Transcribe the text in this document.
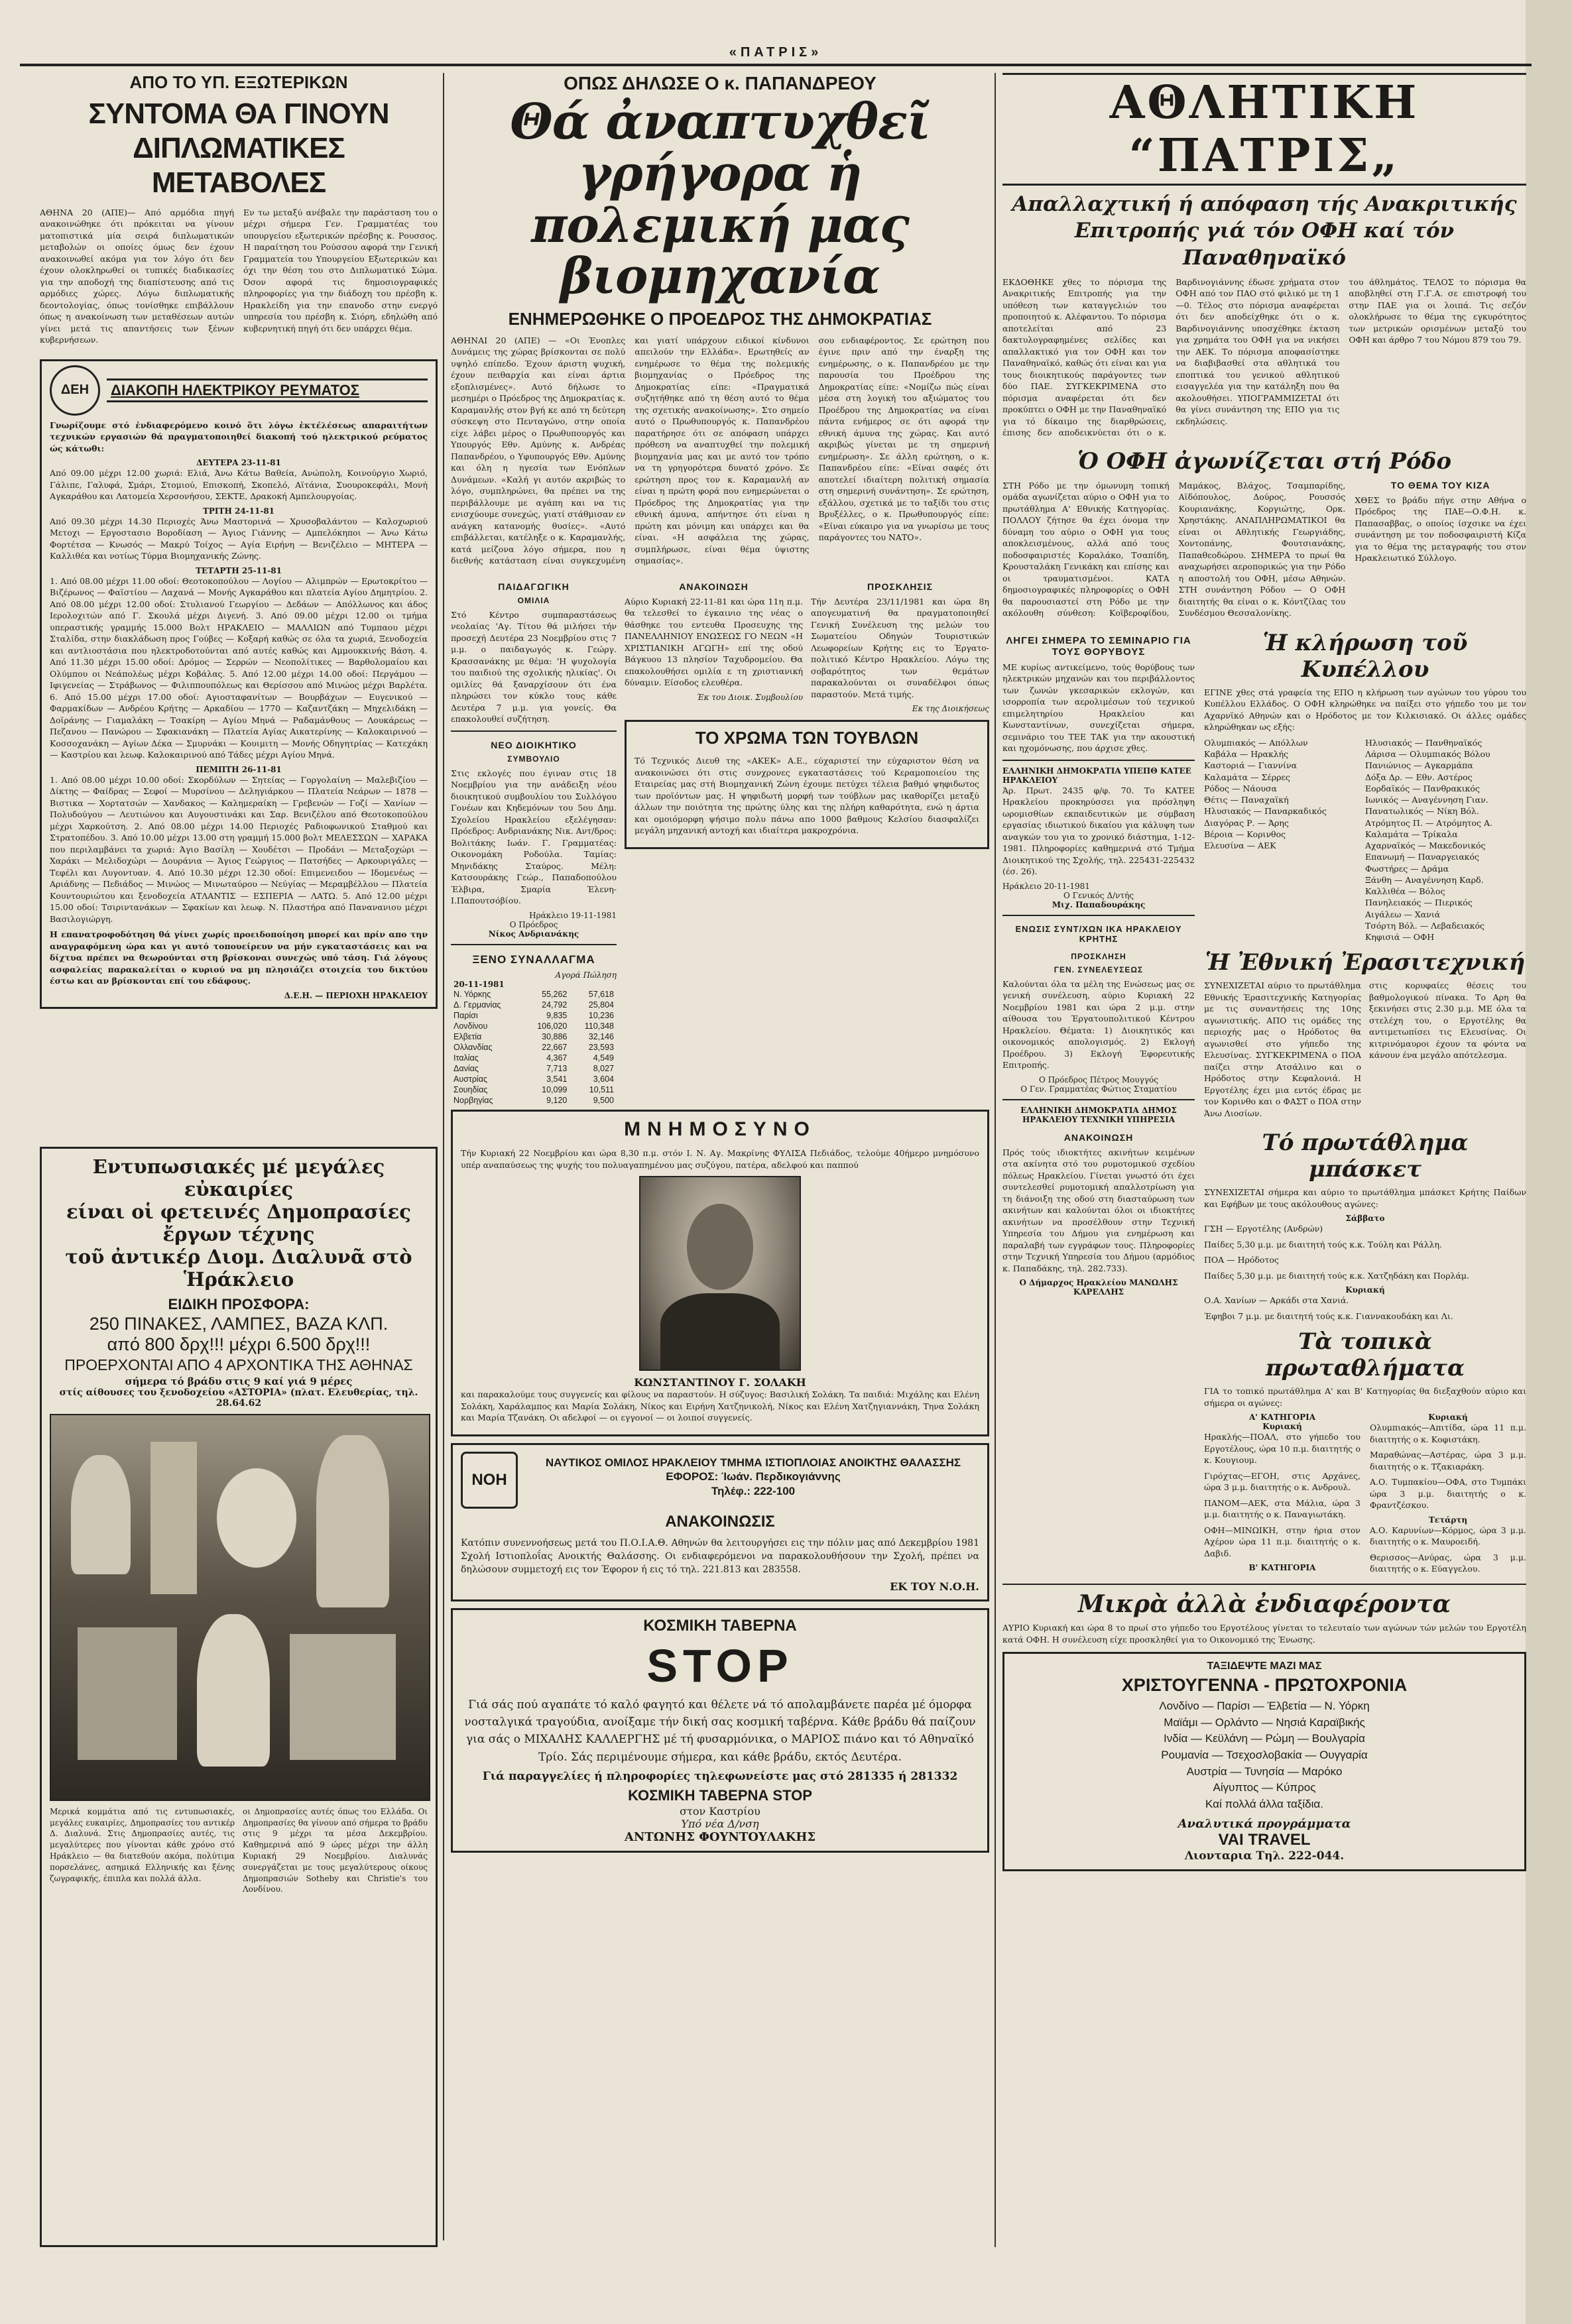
«ΠΑΤΡΙΣ»
ΑΠΟ ΤΟ ΥΠ. ΕΞΩΤΕΡΙΚΩΝ
ΣΥΝΤΟΜΑ ΘΑ ΓΙΝΟΥΝ ΔΙΠΛΩΜΑΤΙΚΕΣ ΜΕΤΑΒΟΛΕΣ
ΑΘΗΝΑ 20 (ΑΠΕ)— Από αρμόδια πηγή ανακοινώθηκε ότι πρόκειται να γίνουν ματοπιστικά μία σειρά διπλωματικών μεταβολών οι οποίες όμως δεν έχουν ανακοινωθεί ακόμα για τον λόγο ότι δεν έχουν ολοκληρωθεί οι τυπικές διαδικασίες για την αποδοχή της διαπίστευσης από τις αρμόδιες χώρες. Λόγω διπλωματικής δεοντολογίας, όπως τονίσθηκε επιβάλλουν όπως η ανακοίνωση των μεταθέσεων αυτών γίνει μετά τις απαντήσεις των ξένων κυβερνήσεων.
Εν τω μεταξύ ανέβαλε την παράσταση του ο μέχρι σήμερα Γεν. Γραμματέας του υπουργείου εξωτερικών πρέσβης κ. Ρουσσος. Η παραίτηση του Ρούσσου αφορά την Γενική Γραμματεία του Υπουργείου Εξωτερικών και όχι την θέση του στο Διπλωματικό Σώμα. Όσον αφορά τις δημοσιογραφικές πληροφορίες για την διάδοχη του πρέσβη κ. Ηρακλείδη για την επανοδο στην ενεργό υπηρεσία του πρέσβη κ. Σιόρη, εδηλώθη από κυβερνητική πηγή ότι δεν υπάρχει θέμα.
ΔΕΗ	ΔΙΑΚΟΠΗ ΗΛΕΚΤΡΙΚΟΥ ΡΕΥΜΑΤΟΣ
Γνωρίζουμε στό ἐνδιαφερόμενο κοινό ὅτι λόγω ἐκτέλέσεως απαραιτήτων τεχνικών εργασιών θά πραγματοποιηθεί διακοπή τού ηλεκτρικού ρεύματος ώς κάτωθι:
ΔΕΥΤΕΡΑ 23-11-81
Από 09.00 μέχρι 12.00 χωριά: Ελιά, Άνω Κάτω Βαθεία, Ανώπολη, Κοινούργιο Χωριό, Γάλιπε, Γαλυφά, Σμάρι, Στομιού, Επισκοπή, Σκοπελό, Αϊτάνια, Συουροκεφάλι, Μονή Αγκαράθου και Λατομεία Χερσονήσου, ΣΕΚΤΕ, Δρακοκή Αμπελουργοίας.
ΤΡΙΤΗ 24-11-81
Από 09.30 μέχρι 14.30 Περιοχές Άνω Μαστορινά — Χρυσοβαλάντου — Καλοχωριού Μετοχι — Εργοστασιο Βοροδίαση — Άγιος Γιάννης — Αμπελόκηποι — Άνω Κάτω Φορτέτσα — Κνωσός — Μακρύ Τοίχος — Αγία Ειρήνη — Βενιζέλειο — ΜΗΤΕΡΑ — Καλλιθέα και νοτίως Τύρμα Βιομηχανικής Ζώνης.
ΤΕΤΑΡΤΗ 25-11-81
1. Από 08.00 μέχρι 11.00 οδοί: Θεοτοκοπούλου — Λογίου — Αλιμπρών — Ερωτοκρίτου — Βιζέρωνος — Φαϊστίου — Λαχανά — Μονής Αγκαράθου και πλατεία Αγίου Δημητρίου. 2. Από 08.00 μέχρι 12.00 οδοί: Στυλιανού Γεωργίου — Δεδάων — Απόλλωνος και άδος Ιερολοχιτών από Γ. Σκουλά μέχρι Διγενή. 3. Από 09.00 μέχρι 12.00 οι τμήμα υπεραστικής γραμμής 15.000 Βολτ ΗΡΑΚΛΕΙΟ — ΜΑΛΛΙΩΝ από Τυμπαου μέχρι Σταλίδα, στην διακλάδωση προς Γούβες — Κοξαρή καθώς σε όλα τα χωριά, Ξενοδοχεία και αντλιοστάσια που ηλεκτροδοτούνται από αυτές καθώς και Αμμουκκινής Βάση. 4. Από 11.30 μέχρι 15.00 οδοί: Δρόμος — Σερρών — Νεοπολίτικες — Βαρθολομαίου και Ολύμπου οι Νεάπολέως μέχρι Κοβάλας. 5. Από 12.00 μέχρι 14.00 οδοί: Περγάμου — Ιφιγενείας — Στράβωνος — Φιλιππουπόλεως και Θερίσσου από Μινώος μέχρι Βαρλέτα. 6. Από 15.00 μέχρι 17.00 οδοί: Αγιοσταφανίτων — Βουρβάχων — Ευγενικού — Φαρμακίδων — Ανδρέου Κρήτης — Αρκαδίου — 1770 — Καζαντζάκη — Μηχελιδάκη — Δοϊράνης — Γιαμαλάκη — Τσακίρη — Αγίου Μηνά — Ραδαμάνθους — Λουκάρεως — Πεζανου — Πανώρου — Σφακιανάκη — Πλατεία Αγίας Αικατερίνης — Καλοκαιρινού — Κοσσοχανάκη — Αγίων Δέκα — Σμυρνάκι — Κουιμιτη — Μονής Οδηγητρίας — Κατεχάκη — Καστρίου και λεωφ. Καλοκαιρινού από Τάδες μέχρι Αγίου Μηνά.
ΠΕΜΠΤΗ 26-11-81
1. Από 08.00 μέχρι 10.00 οδοί: Σκορδύλων — Σητείας — Γοργολαίνη — Μαλεβιζίου — Δίκτης — Φαίδρας — Σεφοί — Μυρσίνου — Δεληγιάρκου — Πλατεία Νεάρων — 1878 — Βιστικα — Χορτατσών — Χανδακος — Καλημεραίκη — Γρεβενών — Γοζί — Χανίων — Πολυδούγου — Λευτιώνου και Αυγουστινάκι και Σαρ. Βενιζέλου από Θεοτοκοπούλου μέχρι Χαρκούτση. 2. Από 08.00 μέχρι 14.00 Περιοχές Ραδιοφωνικού Σταθμού και Στρατοπέδου. 3. Από 10.00 μέχρι 13.00 στη γραμμή 15.000 βολτ ΜΕΛΕΣΣΩΝ — ΧΑΡΑΚΑ που περιλαμβάνει τα χωριά: Άγιο Βασίλη — Χουδέτσι — Προδάνι — Μεταξοχώρι — Χαράκι — Μελιδοχώρι — Δουράνια — Άγιος Γεώργιος — Πατσήδες — Αρκουριγάλες — Τεφέλι και Λυγοντυαν. 4. Από 10.30 μέχρι 12.30 οδοί: Επιμενειδου — Ιδομενέως — Αριάδνης — Πεδιάδος — Μινώος — Μινωταύρου — Νεύγίας — Μεραμβέλλου — Πλατεία Κουντουριώτου και ξενοδοχεία ΑΤΛΑΝΤΙΣ — ΕΣΠΕΡΙΑ — ΛΑΤΩ. 5. Από 12.00 μέχρι 15.00 οδοί: Τσιριντανάκων — Σφακίων και λεωφ. Ν. Πλαστήρα από Πανανανιου μέχρι Βασιλογιώργη.
Η επανατροφοδότηση θά γίνει χωρίς προειδοποίηση μπορεί και πρίν απο την αναγραφόμενη ώρα και γι αυτό τοπουείρευν να μήν εγκαταστάσεις και να δίχτυα πρέπει να θεωρούνται στη βρίσκοναι συνεχώς υπό τάση. Γιά λόγους ασφαλείας παρακαλείται ο κυριού να μη πλησιάζει στοιχεία του δικτύου έστω και αν βρίσκονται επί του εδάφους.
Δ.Ε.Η. — ΠΕΡΙΟΧΗ ΗΡΑΚΛΕΙΟΥ
ΟΠΩΣ ΔΗΛΩΣΕ Ο κ. ΠΑΠΑΝΔΡΕΟΥ
Θά ἀναπτυχθεῖ γρήγορα ἡ πολεμική μας βιομηχανία
ΕΝΗΜΕΡΩΘΗΚΕ Ο ΠΡΟΕΔΡΟΣ ΤΗΣ ΔΗΜΟΚΡΑΤΙΑΣ
ΑΘΗΝΑΙ 20 (ΑΠΕ) — «Οι Ένοπλες Δυνάμεις της χώρας βρίσκονται σε πολύ υψηλό επίπεδο. Έχουν άριστη ψυχική, έχουν πειθαρχία και είναι άρτια εξοπλισμένες». Αυτό δήλωσε το μεσημέρι ο Πρόεδρος της Δημοκρατίας κ. Καραμανλής στον βγή κε από τη δεύτερη σύσκεψη στο Πενταγώνο, στην οποία είχε λάβει μέρος ο Πρωθυπουργός και Υπουργός Εθν. Αμύνης κ. Ανδρέας Παπανδρέου, ο Υφυπουργός Εθν. Αμύνης και όλη η ηγεσία των Ενόπλων Δυνάμεων. «Καλή γι αυτόν ακριβώς το λόγο, συμπληρώνει, θα πρέπει να της περιβάλλουμε με αγάπη και να τις ενισχύουμε συνεχώς, γιατί στάθμισαν εν ανάγκη κατανομής θυσίες». «Αυτό επιβάλλεται, κατέληξε ο κ. Καραμανλής, κατά μείζονα λόγο σήμερα, που η διεθνής κατάσταση είναι συγκεχυμένη και γιατί υπάρχουν ειδικοί κίνδυνοι απειλούν την Ελλάδα». Ερωτηθείς αν ενημέρωσε το θέμα της πολεμικής βιομηχανίας ο Πρόεδρος της Δημοκρατίας είπε: «Πραγματικά συζητήθηκε από τη θέση αυτό το θέμα της σχετικής ανακοίνωσης». Στο σημείο αυτό ο Πρωθυπουργός κ. Παπανδρέου παρατήρησε ότι σε απόφαση υπάρχει πρόθεση να αναπτυχθεί την πολεμική βιομηχανία μας και με αυτό τον τρόπο να τη γρηγορότερα δυνατό χρόνο. Σε ερώτηση προς τον κ. Καραμανλή αν είναι η πρώτη φορά που ενημερώνεται ο Πρόεδρος της Δημοκρατίας για την εθνική άμυνα, απήντησε ότι είναι η πρώτη και μόνιμη και υπάρχει και θα είναι. «Η ασφάλεια της χώρας, συμπλήρωσε, είναι θέμα ύψιστης σημασίας».
σου ενδιαφέροντος. Σε ερώτηση που έγινε πριν από την έναρξη της ενημέρωσης, ο κ. Παπανδρέου με την παρουσία του Προέδρου της Δημοκρατίας είπε: «Νομίζω πώς είναι μέσα στη λογική του αξιώματος του Προέδρου της Δημοκρατίας να είναι πάντα ενήμερος σε ότι αφορά την εθνική άμυνα της χώρας. Και αυτό ακριβώς γίνεται με τη σημερινή ενημέρωση». Σε άλλη ερώτηση, ο κ. Παπανδρέου είπε: «Είναι σαφές ότι αποτελεί ιδιαίτερη πολιτική σημασία στη σημερινή συνάντηση». Σε ερώτηση, εξάλλου, σχετικά με το ταξίδι του στις Βρυξέλλες, ο κ. Πρωθυπουργός είπε: «Είναι εύκαιρο για να γνωρίσω με τους παράγοντες του ΝΑΤΟ».
ΠΑΙΔΑΓΩΓΙΚΗ
ΟΜΙΛΙΑ
Στό Κέντρο συμπαραστάσεως νεολαίας 'Αγ. Τίτου θά μιλήσει τήν προσεχή Δευτέρα 23 Νοεμβρίου στις 7 μ.μ. ο παιδαγωγός κ. Γεώργ. Κρασσανάκης με θέμα: 'Η ψυχολογία του παιδιού της σχολικής ηλικίας'. Οι ομιλίες θά ξαναρχίσουν ότι ένα πληρώσει τον κύκλο τους κάθε Δευτέρα 7 μ.μ. για γονείς. Θα επακολουθεί συζήτηση.
ΝΕΟ ΔΙΟΙΚΗΤΙΚΟ
ΣΥΜΒΟΥΛΙΟ
Στις εκλογές που έγιναν στις 18 Νοεμβρίου για την ανάδειξη νέου διοικητικού συμβουλίου του Συλλόγου Γονέων και Κηδεμόνων του 5ου Δημ. Σχολείου Ηρακλείου εξελέγησαν: Πρόεδρος: Ανδριανάκης Νικ. Αντ/δρος: Βολιτάκης Ιωάν. Γ. Γραμματέας: Οικονομάκη Ροδούλα. Ταμίας: Μηνιδάκης Σταύρος. Μέλη: Κατσουράκης Γεώρ., Παπαδοπούλου Έλβιρα, Σμαρία Έλενη-Ι.Παπουτσόβίου.
Ηράκλειο 19-11-1981
Ο Πρόεδρος
Νίκος Ανδριανάκης
ΞΕΝΟ ΣΥΝΑΛΛΑΓΜΑ
Αγορά Πώληση
20-11-1981
Ν. Υόρκης	55,262	57,618
Δ. Γερμανίας	24,792	25,804
Παρίσι	9,835	10,236
Λονδίνου	106,020	110,348
Ελβετία	30,886	32,146
Ολλανδίας	22,667	23,593
Ιταλίας	4,367	4,549
Δανίας	7,713	8,027
Αυστρίας	3,541	3,604
Σουηδίας	10,099	10,511
Νορβηγίας	9,120	9,500
ΑΝΑΚΟΙΝΩΣΗ
Αύριο Κυριακή 22-11-81 και ώρα 11η π.μ. θα τελεσθεί το έγκαινιο της νέας ο θάσθηκε του εντευθα Προσευχης της ΠΑΝΕΛΛΗΝΙΟΥ ΕΝΩΣΕΩΣ ΓΟ ΝΕΩΝ «Η ΧΡΙΣΤΙΑΝΙΚΗ ΑΓΩΓΗ» επί της οδού Βάγκυου 13 πλησίον Ταχυδρομείου. Θα επακολουθήσει ομιλία ε τη χριστιανική δύναμιν. Είσοδος ελευθέρα.
Έκ του Διοικ. Συμβουλίου
ΠΡΟΣΚΛΗΣΙΣ
Τήν Δευτέρα 23/11/1981 και ώρα 8η απογευματινή θα πραγματοποιηθεί Γενική Συνέλευση της μελών του Σωματείου Οδηγών Τουριστικών Λεωφορείων Κρήτης εις το Έργατο-πολιτικό Κέντρο Ηρακλείου. Λόγω της σοβαρότητος των θεμάτων παρακαλούνται οι συναδέλφοι όπως παραστούν. Μετά τιμής.
Εκ της Διοικήσεως
ΤΟ ΧΡΩΜΑ ΤΩΝ ΤΟΥΒΛΩΝ
Τό Τεχνικός Διευθ της «ΑΚΕΚ» Α.Ε., εύχαριστεί την εύχαριστον θέση να ανακοινώσει ότι στις συνχρονες εγκαταστάσεις τού Κεραμοποιείου της Εταιρείας μας στή Βιομηχανική Ζώνη έχουμε πετύχει τέλεια βαθμό ψηφιδωτος των προϊόντων μας. Η ψηφιδωτή μορφή των τούβλων μας ικαθορίζει μεταξύ άλλων την ποιότητα της πρώτης ύλης και της πλήρη καθαρότητα, ενώ η άρτια και ομοιόμορφη ψήσιμο πολυ πάνω απο 1000 βαθμους Κελσίου διασφαλίζει μεγάλη μηχανική αντοχή και ιδιαίτερα μακροχρόνια.
ΜΝΗΜΟΣΥΝΟ
Τήν Κυριακή 22 Νοεμβρίου και ώρα 8,30 π.μ. στόν Ι. Ν. Αγ. Μακρίνης ΦΥΛΙΣΑ Πεδιάδος, τελούμε 40ήμερο μνημόσυνο υπέρ αναπαύσεως της ψυχής του πολυαγαπημένου μας συζύγου, πατέρα, αδελφού και παππού
ΚΩΝΣΤΑΝΤΙΝΟΥ Γ. ΣΟΛΑΚΗ
και παρακαλούμε τους συγγενείς και φίλους να παραστούν. Η σύζυγος: Βασιλική Σολάκη. Τα παιδιά: Μιχάλης και Ελένη Σολάκη, Χαράλαμπος και Μαρία Σολάκη, Νίκος και Ειρήνη Χατζηνικολή, Νίκος και Ελένη Χατζηγιαννάκη, Τηνα Σολάκη και Μαρία Τζανάκη. Οι αδελφοί — οι εγγονοί — οι λοιποί συγγενείς.
ΝΟΗ
ΝΑΥΤΙΚΟΣ ΟΜΙΛΟΣ ΗΡΑΚΛΕΙΟΥ ΤΜΗΜΑ ΙΣΤΙΟΠΛΟΙΑΣ ΑΝΟΙΚΤΗΣ ΘΑΛΑΣΣΗΣ
ΕΦΟΡΟΣ: Ίωάν. Περδικογιάννης
Τηλέφ.: 222-100
ΑΝΑΚΟΙΝΩΣΙΣ
Κατόπιν συνεννοήσεως μετά του Π.Ο.Ι.Α.Θ. Αθηνών θα λειτουργήσει εις την πόλιν μας από Δεκεμβρίου 1981 Σχολή Ιστιοπλοΐας Ανοικτής Θαλάσσης. Οι ενδιαφερόμενοι να παρακολουθήσουν την Σχολή, πρέπει να δηλώσουν συμμετοχή εις τον Έφορον ή εις τό τηλ. 221.813 και 283558.
ΕΚ ΤΟΥ Ν.Ο.Η.
ΚΟΣΜΙΚΗ ΤΑΒΕΡΝΑ
STOP
Γιά σάς πού αγαπάτε τό καλό φαγητό και θέλετε νά τό απολαμβάνετε παρέα μέ όμορφα νοσταλγικά τραγούδια, ανοίξαμε τήν δική σας κοσμική ταβέρνα. Κάθε βράδυ θά παίζουν για σάς ο ΜΙΧΑΛΗΣ ΚΑΛΛΕΡΓΗΣ μέ τή φυσαρμόνικα, ο ΜΑΡΙΟΣ πιάνο και τό Αθηναϊκό Τρίο. Σάς περιμένουμε σήμερα, και κάθε βράδυ, εκτός Δευτέρα.
Γιά παραγγελίες ή πληροφορίες τηλεφωνείστε μας στό 281335 ή 281332
ΚΟΣΜΙΚΗ ΤΑΒΕΡΝΑ STOP
στον Καστρίου
Υπό νέα Δ/νση
ΑΝΤΩΝΗΣ ΦΟΥΝΤΟΥΛΑΚΗΣ
ΑΘΛΗΤΙΚΗ “ΠΑΤΡΙΣ„
Απαλλαχτική ή απόφαση τής Ανακριτικής Επιτροπής γιά τόν ΟΦΗ καί τόν Παναθηναϊκό
ΕΚΔΟΘΗΚΕ χθες το πόρισμα της Ανακριτικής Επιτροπής για την υπόθεση των καταγγελιών του προποιητού κ. Αλέφαντου. Το πόρισμα αποτελείται από 23 δακτυλογραφημένες σελίδες και απαλλακτικό για τον ΟΦΗ και τον Παναθηναϊκό, καθώς ότι είναι και για τους διοικητικούς παράγοντες των δύο ΠΑΕ. ΣΥΓΚΕΚΡΙΜΕΝΑ στο πόρισμα αναφέρεται ότι δεν προκύπτει ο ΟΦΗ με την Παναθηναϊκό για τό δίκαιμο της διαρθρώσεις, έπισης δεν αποδεικνύεται ότι ο κ. Βαρδινογιάννης έδωσε χρήματα στον ΟΦΗ από τον ΠΑΟ στό φιλικό με τη 1—0. Τέλος στο πόρισμα αναφέρεται ότι δεν αποδείχθηκε ότι ο κ. Βαρδινογιάννης υποσχέθηκε έκταση για χρημάτα του ΟΦΗ για να νικήσει την ΑΕΚ. Το πόρισμα αποφασίστηκε να διαβιβασθεί στα αθλητικά του εποπτικά του γενικού αθλητικού εισαγγελέα για την κατάληξη που θα ακολουθήσει. ΥΠΟΓΡΑΜΜΙΖΕΤΑΙ ότι θα γίνει συνάντηση της ΕΠΟ για τις εκδηλώσεις.
του άθλημάτος. ΤΕΛΟΣ το πόρισμα θα αποβληθεί στη Γ.Γ.Α. σε επιστροφή του στην ΠΑΕ για οι λοιπά. Τις σεζόν ολοκλήρωσε το θέμα της εγκυρότητος των μετρικών ορισμένων μεταξύ του ΟΦΗ και άρθρο 7 του Νόμου 879 του 79.
Ὁ ΟΦΗ ἀγωνίζεται στή Ρόδο
ΣΤΗ Ρόδο με την όμωνυμη τοπική ομάδα αγωνίζεται αύριο ο ΟΦΗ για το πρωτάθλημα Α' Εθνικής Κατηγορίας. ΠΟΛΛΟΥ ζήτησε θα έχει όνομα την δύναμη του αύριο ο ΟΦΗ για τους αποκλεισμένους, αλλά από τους ποδοσφαιριστές Κοραλάκο, Τσαπίδη, Κρουσταλάκη Γενικάκη και επίσης και οι τραυματισμένοι. ΚΑΤΑ δημοσιογραφικές πληροφορίες ο ΟΦΗ θα παρουσιαστεί στη Ρόδο με την ακόλουθη σύνθεση: Κοϊβεροφίδου, Μαμάκος, Βλάχος, Τσαμπαρίδης, Αϊδόπουλος, Δούρος, Ρουσσός Κουριανάκης, Κοργιώτης, Ορκ. Χρηστάκης. ΑΝΑΠΛΗΡΩΜΑΤΙΚΟΙ θα είναι οι Αθλητικής Γεωργιάδης, Χοντοπάνης, Φουτσιανάκης, Παπαθεοδώρου. ΣΗΜΕΡΑ το πρωί θα αναχωρήσει αεροπορικώς για την Ρόδο η αποστολή του ΟΦΗ, μέσω Αθηνών. ΣΤΗ συνάντηση Ρόδου — Ο ΟΦΗ διαιτητής θα είναι ο κ. Κόντζίλας του Συνδέσμου Θεσσαλονίκης.
ΤΟ ΘΕΜΑ ΤΟΥ ΚΙΖΑ
ΧΘΕΣ το βράδυ πήγε στην Αθήνα ο Πρόεδρος της ΠΑΕ—Ο.Φ.Η. κ. Παπασαββας, ο οποίος ίσχσικε να έχει συνάντηση με τον ποδοσφαιριστή Κίζα για το θέμα της μεταγραφής του στον Ηρακλειωτικό Σύλλογο.
ΛΗΓΕΙ ΣΗΜΕΡΑ ΤΟ ΣΕΜΙΝΑΡΙΟ ΓΙΑ ΤΟΥΣ ΘΟΡΥΒΟΥΣ
ΜΕ κυρίως αντικείμενο, τούς θορύβους των ηλεκτρικών μηχανών και του περιβάλλοντος των ζωνών γκεσαρικών εκλογών, και ισορροπία των αερολιμέσων τού τεχνικού επιμελητηρίου Ηρακλείου και Κωνσταντίνων, συνεχίζεται σήμερα, σεμινάριο του ΤΕΕ ΤΑΚ για την ακουστική και ηχομόνωσης, που άρχισε χθες.
ΕΛΛΗΝΙΚΗ ΔΗΜΟΚΡΑΤΙΑ ΥΠΕΠΘ ΚΑΤΕΕ ΗΡΑΚΛΕΙΟΥ
Άρ. Πρωτ. 2435 φ/φ. 70. Το ΚΑΤΕΕ Ηρακλείου προκηρύσσει για πρόσληψη ωρομισθίων εκπαιδευτικών με σύμβαση εργασίας ιδιωτικού δικαίου για κάλυψη των αναγκών του για το χρονικό διάστημα, 1-12-1981. Πληροφορίες καθημερινά στό Τμήμα Διοικητικού της Σχολής, τηλ. 225431-225432 (έσ. 26).
Ηράκλειο 20-11-1981
Ο Γενικός Δ/ντής
Μιχ. Παπαδουράκης
ΕΝΩΣΙΣ ΣΥΝΤ/ΧΩΝ ΙΚΑ ΗΡΑΚΛΕΙΟΥ ΚΡΗΤΗΣ
ΠΡΟΣΚΛΗΣΗ
ΓΕΝ. ΣΥΝΕΛΕΥΣΕΩΣ
Καλούνται όλα τα μέλη της Ενώσεως μας σε γενική συνέλευση, αύριο Κυριακή 22 Νοεμβρίου 1981 και ώρα 2 μ.μ. στην αίθουσα του Έργατουπολιτικού Κέντρου Ηρακλείου. Θέματα: 1) Διοικητικός και οικονομικός απολογισμός. 2) Εκλογή Προέδρου. 3) Εκλογή Έφορευτικής Επιτροπής.
Ο Πρόεδρος Πέτρος Μουγγός
Ο Γεν. Γραμματέας Φώτιος Σταματίου
ΕΛΛΗΝΙΚΗ ΔΗΜΟΚΡΑΤΙΑ ΔΗΜΟΣ ΗΡΑΚΛΕΙΟΥ ΤΕΧΝΙΚΗ ΥΠΗΡΕΣΙΑ
ΑΝΑΚΟΙΝΩΣΗ
Πρός τούς ιδιοκτήτες ακινήτων κειμένων στα ακίνητα στό του ρυμοτομικού σχεδίου πόλεως Ηρακλείου. Γίνεται γνωστό ότι έχει συντελεσθεί ρυμοτομική απαλλοτρίωση για τη διάνοιξη της οδού στη διασταύρωση των ακινήτων και καλούνται όλοι οι ιδιοκτήτες ακινήτων να προσέλθουν στην Τεχνική Υπηρεσία του Δήμου για ενημέρωση και παραλαβή των εγγράφων τους. Πληροφορίες στην Τεχνική Υπηρεσία του Δήμου (αρμόδιος κ. Παπαδάκης, τηλ. 282.733).
Ο Δήμαρχος Ηρακλείου ΜΑΝΩΛΗΣ ΚΑΡΕΛΛΗΣ
Ἡ κλήρωση τοῦ Κυπέλλου
ΕΓΙΝΕ χθες στά γραφεία της ΕΠΟ η κλήρωση των αγώνων του γύρου του Κυπέλλου Ελλάδος. Ο ΟΦΗ κληρώθηκε να παίξει στο γήπεδο του με τον Αχαρνϊκό Αθηνών και ο Ηρόδοτος με τον Κιλκισιακό. Οι άλλες ομάδες κληρώθηκαν ως εξής:
Ολυμπιακός — Απόλλων	Ηλυσιακός — Πανθηναϊκός
Καβάλα — Ηρακλής	Λάρισα — Ολυμπιακός Βόλου
Καστοριά — Γιαννίνα	Πανιώνιος — Αγκαρμάπα
Καλαμάτα — Σέρρες	Δόξα Δρ. — Εθν. Αστέρος
Ρόδος — Νάουσα	Εορδαϊκός — Πανθρακικός
Θέτις — Παναχαϊκή	Ιωνικός — Αναγέννηση Γιαν.
Ηλυσιακός — Παναρκαδικός	Πανατωλικός — Νίκη Βόλ.
Διαγόρας Ρ. — Άρης	Ατρόμητος Π. — Ατρόμητος Α.
Βέροια — Κορινθος	Καλαμάτα — Τρίκαλα
Ελευσίνα — ΑΕΚ	Αχαρναϊκός — Μακεδονικός
Επανωμή — Παναργειακός
Φωστήρες — Δράμα
Ξάνθη — Αναγέννηση Καρδ.
Καλλιθέα — Βόλος
Πανηλειακός — Πιερικός
Αιγάλεω — Χανιά
Τσόρτη Βόλ. — Λεβαδειακός
Κηφισιά — ΟΦΗ
Ἡ Ἐθνική Ἐρασιτεχνική
ΣΥΝΕΧΙΖΕΤΑΙ αύριο το πρωτάθλημα Εθνικής Έρασιτεχνικής Κατηγορίας με τις συναντήσεις της 10ης αγωνιστικής. ΑΠΟ τις ομάδες της περιοχής μας ο Ηρόδοτος θα αγωνισθεί στο γήπεδο της Ελευσίνας. ΣΥΓΚΕΚΡΙΜΕΝΑ ο ΠΟΑ παίζει στην Ατσάλινο και ο Ηρόδοτος στην Κεφαλονιά. Η Εργοτέλης έχει μια εντός έδρας με τον Κορινθο και ο ΦΑΣΤ ο ΠΟΑ στην Άνω Λιοσίων.
στις κορυφαίες θέσεις του βαθμολογικού πίνακα. Το Αρη θα ξεκινήσει στις 2.30 μ.μ. ΜΕ όλα τα στελέχη του, ο Εργοτέλης θα αντιμετωπίσει τις Ελευσίνας. Οι κιτρινόμαυροι έχουν τα φόντα να κάνουν ένα μεγάλο απότελεσμα.
Τό πρωτάθλημα μπάσκετ
ΣΥΝΕΧΙΖΕΤΑΙ σήμερα και αύριο το πρωτάθλημα μπάσκετ Κρήτης Παίδων και Εφήβων με τους ακόλουθους αγώνες:
Σάββατο
ΓΣΗ — Εργοτέλης (Ανδρών)
Παίδες 5,30 μ.μ. με διαιτητή τούς κ.κ. Τούλη και Ράλλη.
ΠΟΑ — Ηρόδοτος
Παίδες 5,30 μ.μ. με διαιτητή τούς κ.κ. Χατζηδάκη και Πορλάμ.
Κυριακή
Ο.Α. Χανίων — Αρκάδι στα Χανιά.
Έφηβοι 7 μ.μ. με διαιτητή τούς κ.κ. Γιαννακουδάκη και Λι.
Τὰ τοπικὰ πρωταθλήματα
ΓΙΑ το τοπικό πρωτάθλημα Α' και Β' Κατηγορίας θα διεξαχθούν αύριο και σήμερα οι αγώνες:
Α' ΚΑΤΗΓΟΡΙΑ
Κυριακή
Ηρακλής—ΠΟΑΛ, στο γήπεδο του Εργοτέλους, ώρα 10 π.μ. διαιτητής ο κ. Κουγιουμ.
Γιρόχτας—ΕΓΟΗ, στις Αρχάνες, ώρα 3 μ.μ. διαιτητής ο κ. Ανδρουλ.
ΠΑΝΟΜ—ΑΕΚ, στα Μάλια, ώρα 3 μ.μ. διαιτητής ο κ. Παναγιωτάκη.
ΟΦΗ—ΜΙΝΩΙΚΗ, στην ήρια στον Αχέρον ώρα 11 π.μ. διαιτητής ο κ. Δαβιδ.
Β' ΚΑΤΗΓΟΡΙΑ
Κυριακή
Ολυμπιακός—Απιτίδα, ώρα 11 π.μ. διαιτητής ο κ. Κοφιστάκη.
Μαραθώνας—Αστέρας, ώρα 3 μ.μ. διαιτητής ο κ. Τζακιαράκη.
Α.Ο. Τυμπακίου—ΟΦΑ, στο Τυμπάκι ώρα 3 μ.μ. διαιτητής ο κ. Φραντζέσκου.
Τετάρτη
Α.Ο. Καρυνίων—Κόρμος, ώρα 3 μ.μ. διαιτητής ο κ. Μαυροειδή.
Θερισσος—Ανύρας, ώρα 3 μ.μ. διαιτητής ο κ. Εύαγγελου.
Μικρὰ ἀλλὰ ἐνδιαφέροντα
ΑΥΡΙΟ Κυριακή και ώρα 8 το πρωί στο γήπεδο του Εργοτέλους γίνεται το τελευταίο των αγώνων τών μελών του Εργοτέλη κατά ΟΦΗ. Η συνέλευση είχε προσκληθεί για το Οικονομικό της Ένωσης.
ΤΑΞΙΔΕΨΤΕ ΜΑΖΙ ΜΑΣ
ΧΡΙΣΤΟΥΓΕΝΝΑ - ΠΡΩΤΟΧΡΟΝΙΑ
Λονδίνο — Παρίσι — Έλβετία — Ν. Υόρκη
Μαϊάμι — Ορλάντο — Νησιά Καραϊβικής
Ινδία — Κεϋλάνη — Ρώμη — Βουλγαρία
Ρουμανία — Τσεχοσλοβακία — Ουγγαρία
Αυστρία — Τυνησία — Μαρόκο
Αίγυπτος — Κύπρος
Καί πολλά άλλα ταξίδια.
Αναλυτικά προγράμματα
VAI TRAVEL
Λιονταρια Τηλ. 222-044.
Εντυπωσιακές μέ μεγάλες εὐκαιρίες
είναι οἱ φετεινές Δημοπρασίες ἔργων τέχνης
τοῦ ἀντικέρ Διομ. Διαλυνᾶ στὸ Ἡράκλειο
ΕΙΔΙΚΗ ΠΡΟΣΦΟΡΑ:
250 ΠΙΝΑΚΕΣ, ΛΑΜΠΕΣ, ΒΑΖΑ ΚΛΠ.
από 800 δρχ!!! μέχρι 6.500 δρχ!!!
ΠΡΟΕΡΧΟΝΤΑΙ ΑΠΟ 4 ΑΡΧΟΝΤΙΚΑ ΤΗΣ ΑΘΗΝΑΣ
σήμερα τό βράδυ στις 9 καί γιά 9 μέρες
στίς αίθουσες του ξενοδοχείου «ΑΣΤΟΡΙΑ» (πλατ. Ελευθερίας, τηλ. 28.64.62
Μερικά κομμάτια από τις εντυπωσιακές, μεγάλες ευκαιρίες, Δημοπρασίες του αντικέρ Δ. Διαλυνά. Στις Δημοπρασίες αυτές, τις μεγαλύτερες που γίνονται κάθε χρόνο στό Ηράκλειο — θα διατεθούν ακόμα, πολύτιμα πορσελάνες, ασημικά Ελληνικής και ξένης ζωγραφικής, έπιπλα και πολλά άλλα.
οι Δημοπρασίες αυτές όπως του Ελλάδα. Οι Δημοπρασίες θα γίνουν από σήμερα το βράδυ στις 9 μέχρι τα μέσα Δεκεμβρίου. Καθημερινά από 9 ώρες μέχρι την άλλη Κυριακή 29 Νοεμβρίου. Διαλυνάς συνεργάζεται με τους μεγαλύτερους οίκους Δημοπρασιών Sotheby και Christie's του Λονδίνου.
